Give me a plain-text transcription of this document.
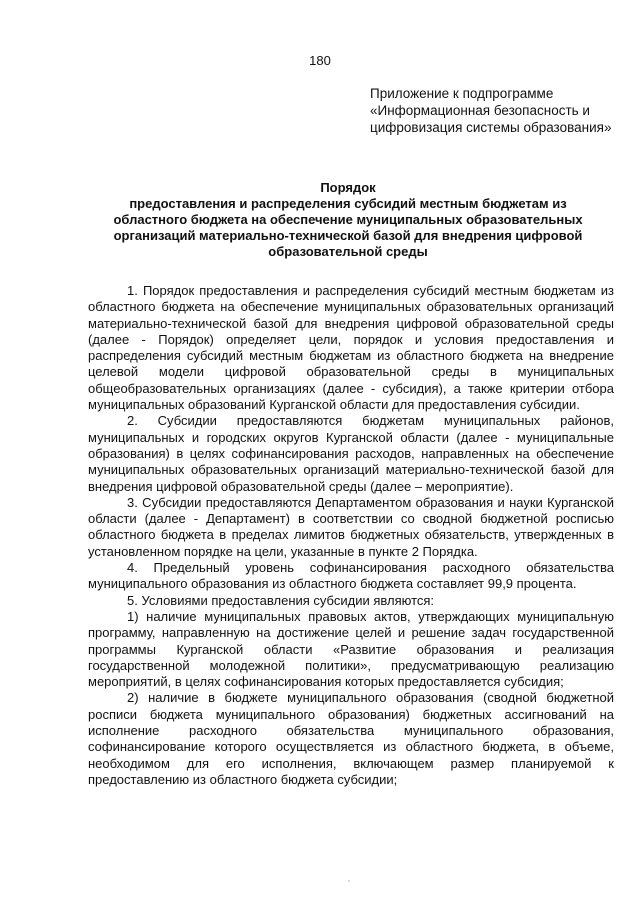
180
Приложение к подпрограмме
«Информационная безопасность и
цифровизация системы образования»
Порядок
предоставления и распределения субсидий местным бюджетам из
областного бюджета на обеспечение муниципальных образовательных
организаций материально-технической базой для внедрения цифровой
образовательной среды

1. Порядок предоставления и распределения субсидий местным бюджетам из областного бюджета на обеспечение муниципальных образовательных организаций материально-технической базой для внедрения цифровой образовательной среды (далее - Порядок) определяет цели, порядок и условия предоставления и распределения субсидий местным бюджетам из областного бюджета на внедрение целевой модели цифровой образовательной среды в муниципальных общеобразовательных организациях (далее - субсидия), а также критерии отбора муниципальных образований Курганской области для предоставления субсидии.

2. Субсидии предоставляются бюджетам муниципальных районов, муниципальных и городских округов Курганской области (далее - муниципальные образования) в целях софинансирования расходов, направленных на обеспечение муниципальных образовательных организаций материально-технической базой для внедрения цифровой образовательной среды (далее – мероприятие).

3. Субсидии предоставляются Департаментом образования и науки Курганской области (далее - Департамент) в соответствии со сводной бюджетной росписью областного бюджета в пределах лимитов бюджетных обязательств, утвержденных в установленном порядке на цели, указанные в пункте 2 Порядка.

4. Предельный уровень софинансирования расходного обязательства муниципального образования из областного бюджета составляет 99,9 процента.

5. Условиями предоставления субсидии являются:

1) наличие муниципальных правовых актов, утверждающих муниципальную программу, направленную на достижение целей и решение задач государственной программы Курганской области «Развитие образования и реализация государственной молодежной политики», предусматривающую реализацию мероприятий, в целях софинансирования которых предоставляется субсидия;

2) наличие в бюджете муниципального образования (сводной бюджетной росписи бюджета муниципального образования) бюджетных ассигнований на исполнение расходного обязательства муниципального образования, софинансирование которого осуществляется из областного бюджета, в объеме, необходимом для его исполнения, включающем размер планируемой к предоставлению из областного бюджета субсидии;
